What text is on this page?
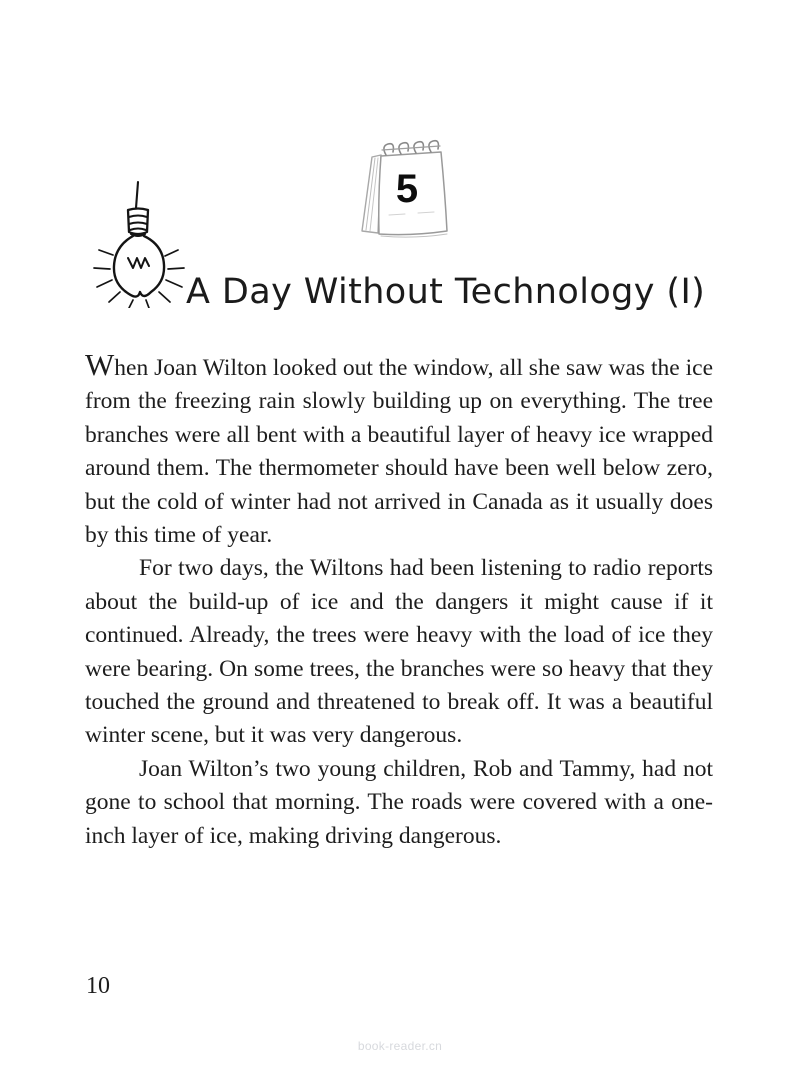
5
A Day Without Technology (I)

When Joan Wilton looked out the window, all she saw was the ice from the freezing rain slowly building up on everything. The tree branches were all bent with a beautiful layer of heavy ice wrapped around them. The thermometer should have been well below zero, but the cold of winter had not arrived in Canada as it usually does by this time of year.

For two days, the Wiltons had been listening to radio reports about the build-up of ice and the dangers it might cause if it continued. Already, the trees were heavy with the load of ice they were bearing. On some trees, the branches were so heavy that they touched the ground and threatened to break off. It was a beautiful winter scene, but it was very dangerous.

Joan Wilton’s two young children, Rob and Tammy, had not gone to school that morning. The roads were covered with a one-inch layer of ice, making driving dangerous.

10
book-reader.cn
